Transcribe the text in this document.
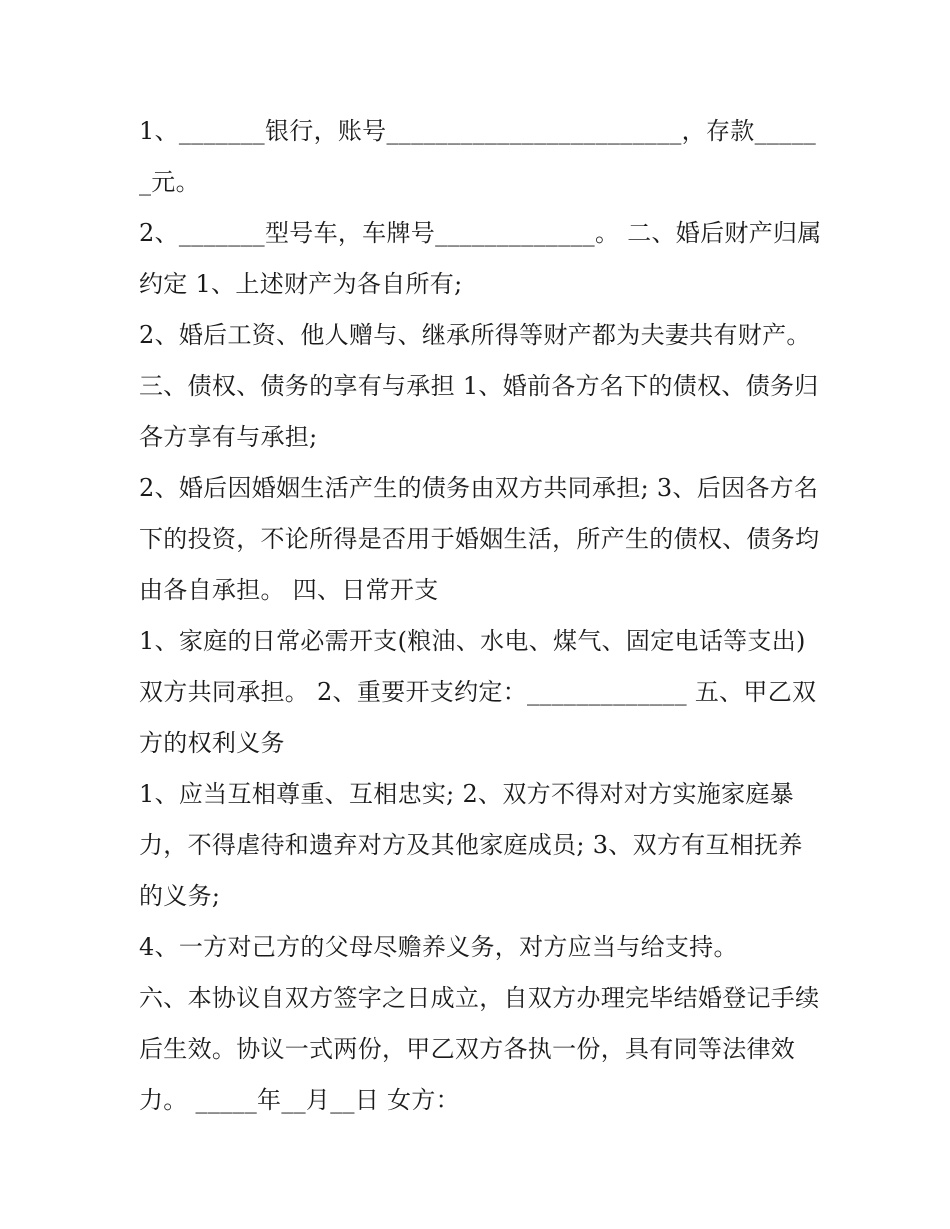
1、_______银行，账号________________________，存款______元。

2、_______型号车，车牌号_____________。 二、婚后财产归属约定 1、上述财产为各自所有;

2、婚后工资、他人赠与、继承所得等财产都为夫妻共有财产。 三、债权、债务的享有与承担 1、婚前各方名下的债权、债务归各方享有与承担;

2、婚后因婚姻生活产生的债务由双方共同承担; 3、后因各方名下的投资，不论所得是否用于婚姻生活，所产生的债权、债务均由各自承担。 四、日常开支

1、家庭的日常必需开支(粮油、水电、煤气、固定电话等支出)双方共同承担。 2、重要开支约定：_____________ 五、甲乙双方的权利义务

1、应当互相尊重、互相忠实; 2、双方不得对对方实施家庭暴力，不得虐待和遗弃对方及其他家庭成员; 3、双方有互相抚养的义务;

4、一方对己方的父母尽赡养义务，对方应当与给支持。

六、本协议自双方签字之日成立，自双方办理完毕结婚登记手续后生效。协议一式两份，甲乙双方各执一份，具有同等法律效力。 _____年__月__日 女方：
